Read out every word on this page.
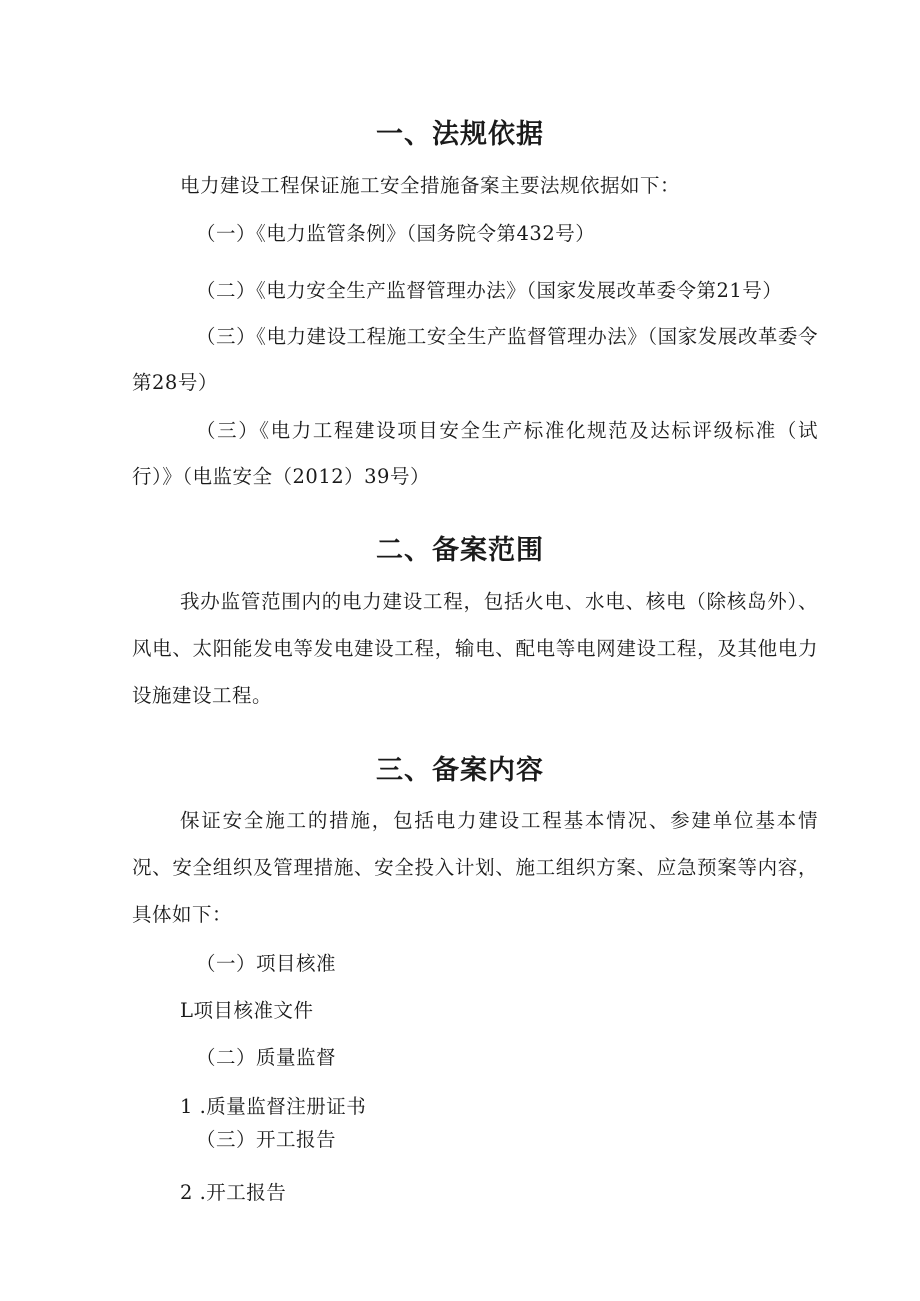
一、法规依据
电力建设工程保证施工安全措施备案主要法规依据如下：
（一）《电力监管条例》（国务院令第432号）
（二）《电力安全生产监督管理办法》（国家发展改革委令第21号）
（三）《电力建设工程施工安全生产监督管理办法》（国家发展改革委令第28号）
（三）《电力工程建设项目安全生产标准化规范及达标评级标准（试行）》（电监安全（2012）39号）
二、备案范围
我办监管范围内的电力建设工程，包括火电、水电、核电（除核岛外）、风电、太阳能发电等发电建设工程，输电、配电等电网建设工程，及其他电力设施建设工程。
三、备案内容
保证安全施工的措施，包括电力建设工程基本情况、参建单位基本情况、安全组织及管理措施、安全投入计划、施工组织方案、应急预案等内容，具体如下：
（一）项目核准
L项目核准文件
（二）质量监督
1 .质量监督注册证书
（三）开工报告
2 .开工报告
